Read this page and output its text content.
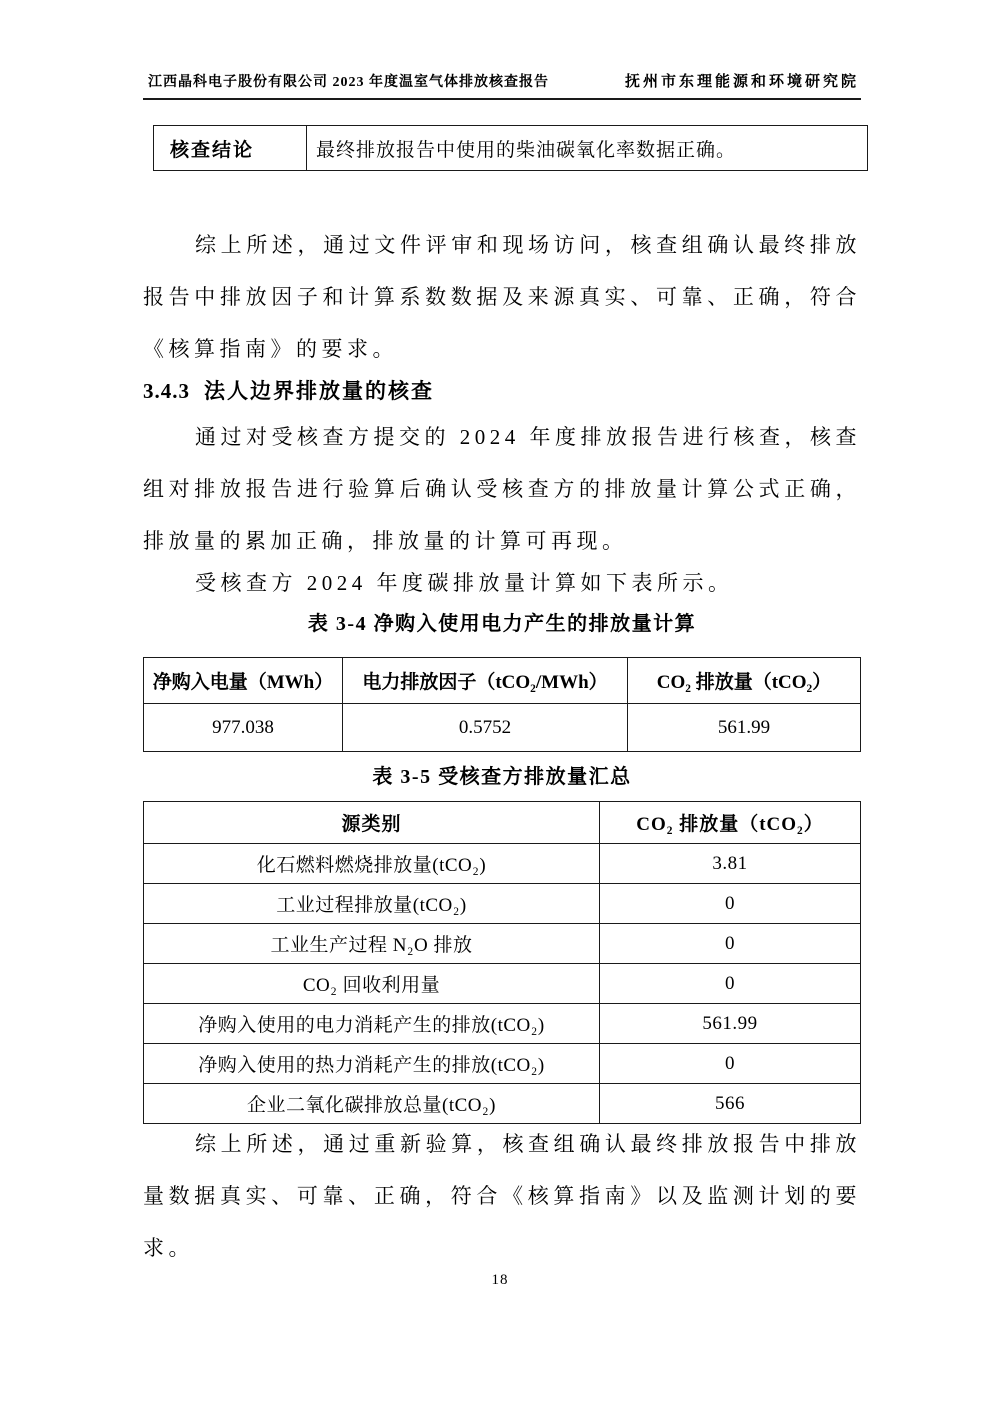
江西晶科电子股份有限公司 2023 年度温室气体排放核查报告	抚州市东理能源和环境研究院
核查结论	最终排放报告中使用的柴油碳氧化率数据正确。

综上所述，通过文件评审和现场访问，核查组确认最终排放报告中排放因子和计算系数数据及来源真实、可靠、正确，符合《核算指南》的要求。

3.4.3 法人边界排放量的核查

通过对受核查方提交的 2024 年度排放报告进行核查，核查组对排放报告进行验算后确认受核查方的排放量计算公式正确，排放量的累加正确，排放量的计算可再现。

受核查方 2024 年度碳排放量计算如下表所示。

表 3-4 净购入使用电力产生的排放量计算
净购入电量（MWh）	电力排放因子（tCO₂/MWh）	CO₂ 排放量（tCO₂）
977.038	0.5752	561.99
表 3-5 受核查方排放量汇总
源类别	CO₂ 排放量（tCO₂）
化石燃料燃烧排放量(tCO₂)	3.81
工业过程排放量(tCO₂)	0
工业生产过程 N₂O 排放	0
CO₂ 回收利用量	0
净购入使用的电力消耗产生的排放(tCO₂)	561.99
净购入使用的热力消耗产生的排放(tCO₂)	0
企业二氧化碳排放总量(tCO₂)	566

综上所述，通过重新验算，核查组确认最终排放报告中排放量数据真实、可靠、正确，符合《核算指南》以及监测计划的要求。

18
